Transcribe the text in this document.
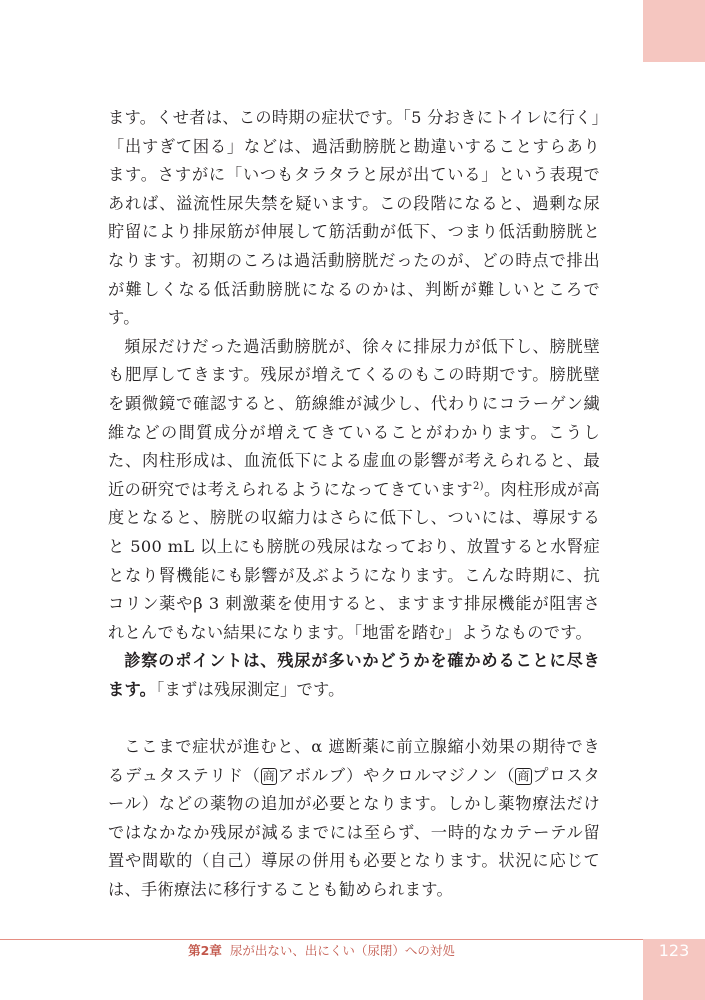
ます。くせ者は、この時期の症状です。「5 分おきにトイレに行く」「出すぎて困る」などは、過活動膀胱と勘違いすることすらあります。さすがに「いつもタラタラと尿が出ている」という表現であれば、溢流性尿失禁を疑います。この段階になると、過剰な尿貯留により排尿筋が伸展して筋活動が低下、つまり低活動膀胱となります。初期のころは過活動膀胱だったのが、どの時点で排出が難しくなる低活動膀胱になるのかは、判断が難しいところです。

頻尿だけだった過活動膀胱が、徐々に排尿力が低下し、膀胱壁も肥厚してきます。残尿が増えてくるのもこの時期です。膀胱壁を顕微鏡で確認すると、筋線維が減少し、代わりにコラーゲン繊維などの間質成分が増えてきていることがわかります。こうした、肉柱形成は、血流低下による虚血の影響が考えられると、最近の研究では考えられるようになってきています$^{2)}$。肉柱形成が高度となると、膀胱の収縮力はさらに低下し、ついには、導尿すると 500 mL 以上にも膀胱の残尿はなっており、放置すると水腎症となり腎機能にも影響が及ぶようになります。こんな時期に、抗コリン薬やβ 3 刺激薬を使用すると、ますます排尿機能が阻害されとんでもない結果になります。「地雷を踏む」ようなものです。

診察のポイントは、残尿が多いかどうかを確かめることに尽きます。「まずは残尿測定」です。

ここまで症状が進むと、α 遮断薬に前立腺縮小効果の期待できるデュタステリド（ 商 アボルブ）やクロルマジノン（ 商 プロスタール）などの薬物の追加が必要となります。しかし薬物療法だけではなかなか残尿が減るまでには至らず、一時的なカテーテル留置や間歇的（自己）導尿の併用も必要となります。状況に応じては、手術療法に移行することも勧められます。

第2章 尿が出ない、出にくい（尿閉）への対処	123
